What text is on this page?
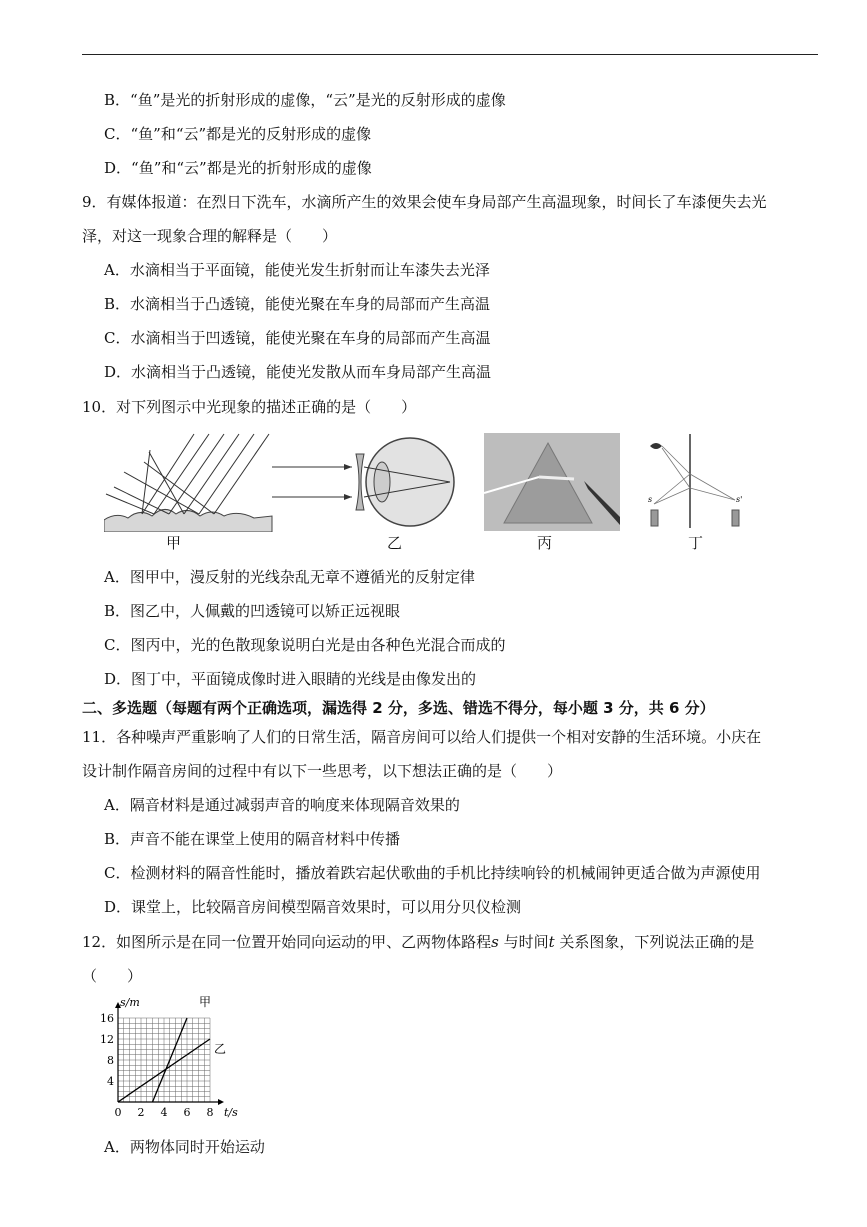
B．“鱼”是光的折射形成的虚像，“云”是光的反射形成的虚像
C．“鱼”和“云”都是光的反射形成的虚像
D．“鱼”和“云”都是光的折射形成的虚像
9．有媒体报道：在烈日下洗车，水滴所产生的效果会使车身局部产生高温现象，时间长了车漆便失去光
泽，对这一现象合理的解释是（　　）
A．水滴相当于平面镜，能使光发生折射而让车漆失去光泽
B．水滴相当于凸透镜，能使光聚在车身的局部而产生高温
C．水滴相当于凹透镜，能使光聚在车身的局部而产生高温
D．水滴相当于凸透镜，能使光发散从而车身局部产生高温
10．对下列图示中光现象的描述正确的是（　　）
s	s'
甲	乙	丙	丁
A．图甲中，漫反射的光线杂乱无章不遵循光的反射定律
B．图乙中，人佩戴的凹透镜可以矫正远视眼
C．图丙中，光的色散现象说明白光是由各种色光混合而成的
D．图丁中，平面镜成像时进入眼睛的光线是由像发出的
二、多选题（每题有两个正确选项，漏选得 2 分，多选、错选不得分，每小题 3 分，共 6 分）
11．各种噪声严重影响了人们的日常生活，隔音房间可以给人们提供一个相对安静的生活环境。小庆在
设计制作隔音房间的过程中有以下一些思考，以下想法正确的是（　　）
A．隔音材料是通过减弱声音的响度来体现隔音效果的
B．声音不能在课堂上使用的隔音材料中传播
C．检测材料的隔音性能时，播放着跌宕起伏歌曲的手机比持续响铃的机械闹钟更适合做为声源使用
D．课堂上，比较隔音房间模型隔音效果时，可以用分贝仪检测
12．如图所示是在同一位置开始同向运动的甲、乙两物体路程s 与时间t 关系图象，下列说法正确的是
（　　）
0 2 4 6 8
4
8
12
16
t/s
s/m	甲
乙
A．两物体同时开始运动
